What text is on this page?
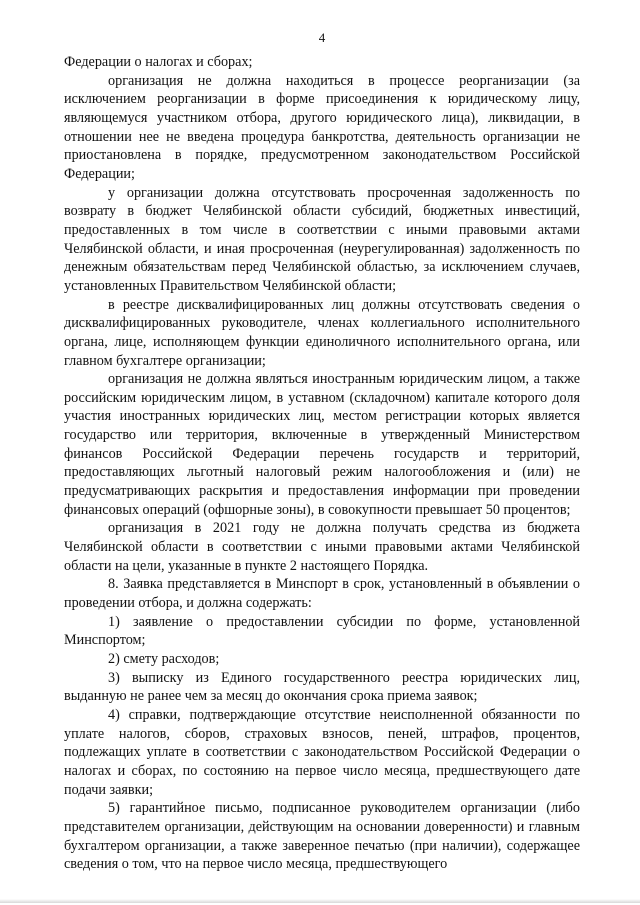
4

Федерации о налогах и сборах;

организация не должна находиться в процессе реорганизации (за исключением реорганизации в форме присоединения к юридическому лицу, являющемуся участником отбора, другого юридического лица), ликвидации, в отношении нее не введена процедура банкротства, деятельность организации не приостановлена в порядке, предусмотренном законодательством Российской Федерации;

у организации должна отсутствовать просроченная задолженность по возврату в бюджет Челябинской области субсидий, бюджетных инвестиций, предоставленных в том числе в соответствии с иными правовыми актами Челябинской области, и иная просроченная (неурегулированная) задолженность по денежным обязательствам перед Челябинской областью, за исключением случаев, установленных Правительством Челябинской области;

в реестре дисквалифицированных лиц должны отсутствовать сведения о дисквалифицированных руководителе, членах коллегиального исполнительного органа, лице, исполняющем функции единоличного исполнительного органа, или главном бухгалтере организации;

организация не должна являться иностранным юридическим лицом, а также российским юридическим лицом, в уставном (складочном) капитале которого доля участия иностранных юридических лиц, местом регистрации которых является государство или территория, включенные в утвержденный Министерством финансов Российской Федерации перечень государств и территорий, предоставляющих льготный налоговый режим налогообложения и (или) не предусматривающих раскрытия и предоставления информации при проведении финансовых операций (офшорные зоны), в совокупности превышает 50 процентов;

организация в 2021 году не должна получать средства из бюджета Челябинской области в соответствии с иными правовыми актами Челябинской области на цели, указанные в пункте 2 настоящего Порядка.

8. Заявка представляется в Минспорт в срок, установленный в объявлении о проведении отбора, и должна содержать:

1) заявление о предоставлении субсидии по форме, установленной Минспортом;

2) смету расходов;

3) выписку из Единого государственного реестра юридических лиц, выданную не ранее чем за месяц до окончания срока приема заявок;

4) справки, подтверждающие отсутствие неисполненной обязанности по уплате налогов, сборов, страховых взносов, пеней, штрафов, процентов, подлежащих уплате в соответствии с законодательством Российской Федерации о налогах и сборах, по состоянию на первое число месяца, предшествующего дате подачи заявки;

5) гарантийное письмо, подписанное руководителем организации (либо представителем организации, действующим на основании доверенности) и главным бухгалтером организации, а также заверенное печатью (при наличии), содержащее сведения о том, что на первое число месяца, предшествующего
